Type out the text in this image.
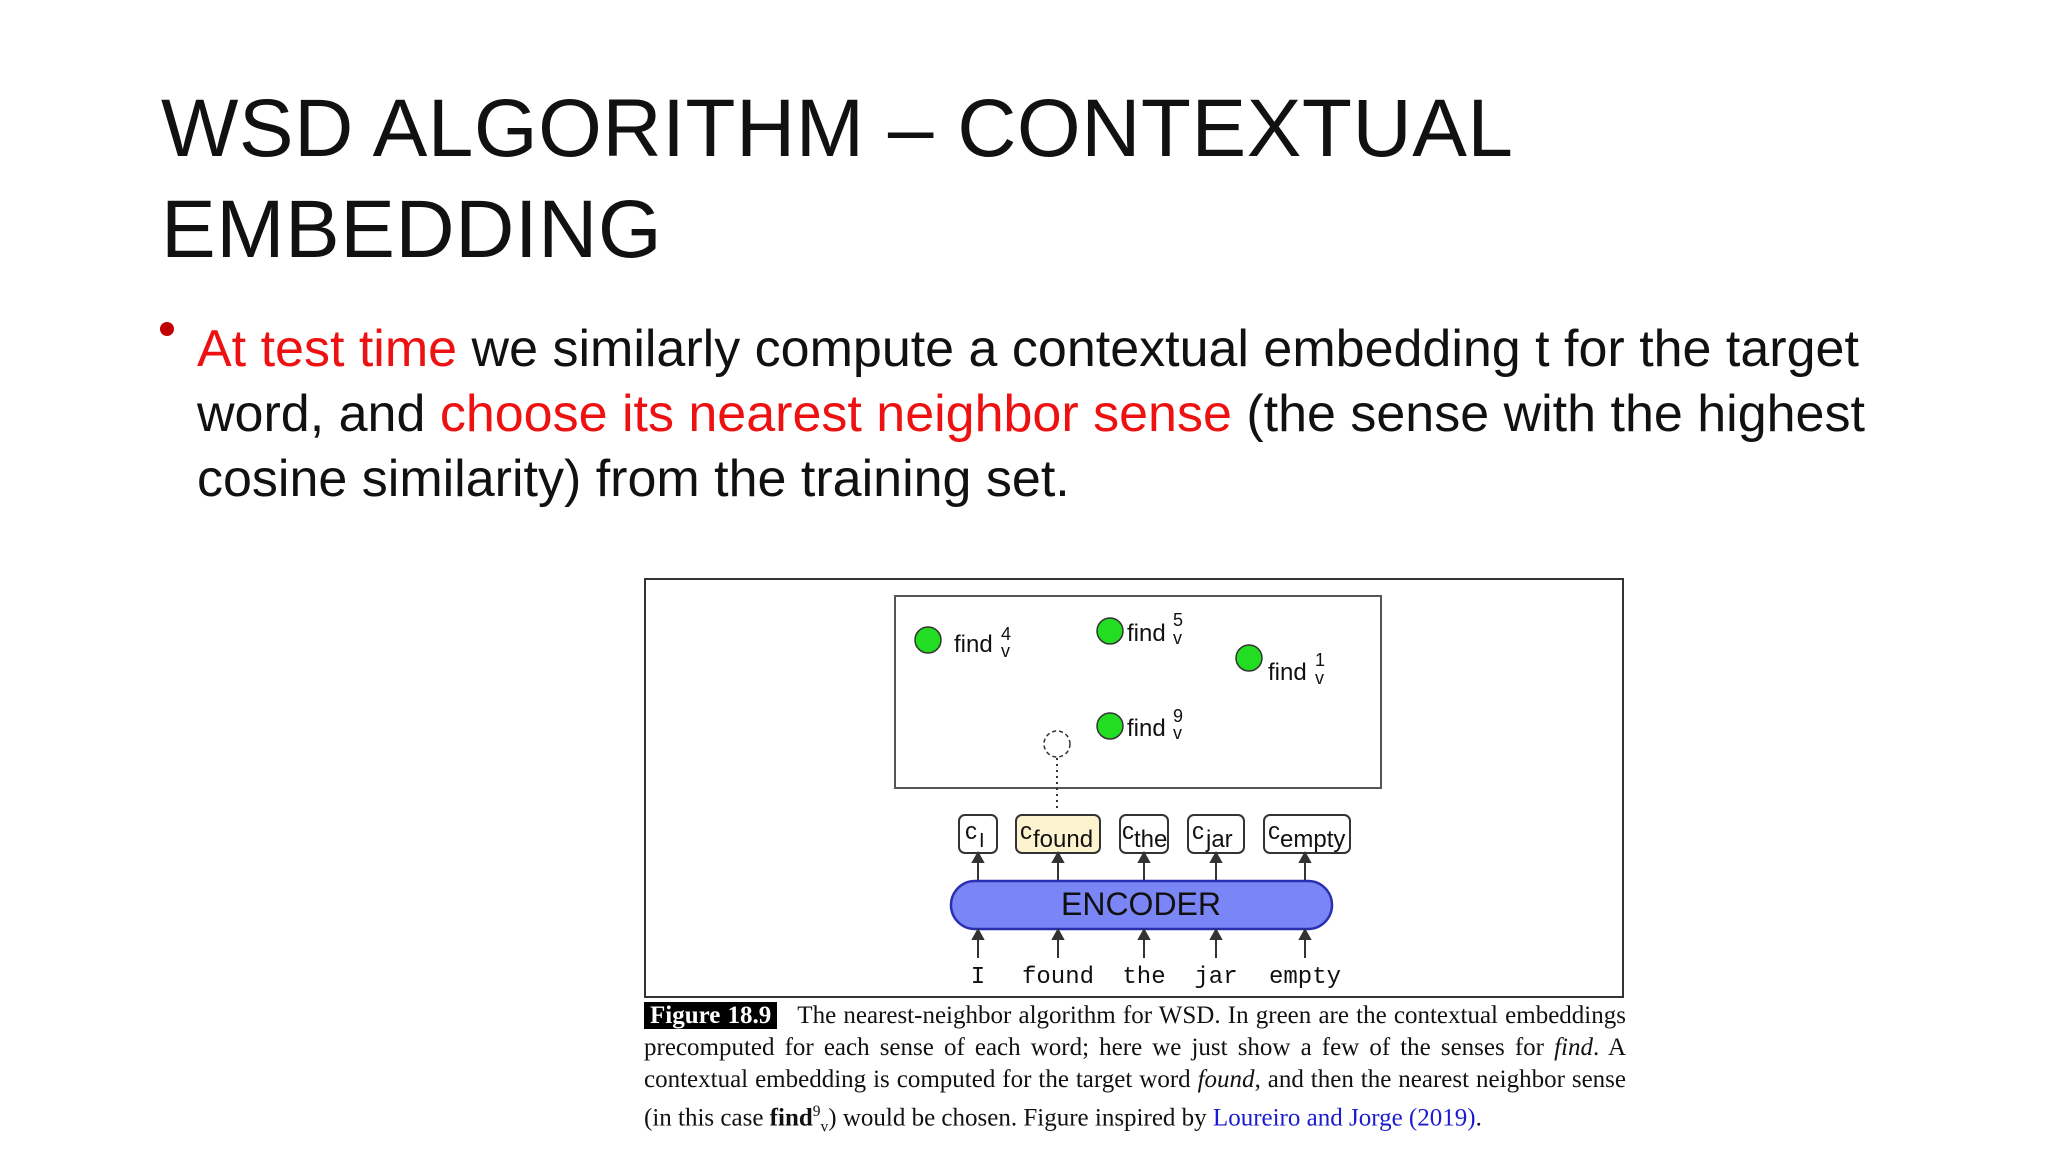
WSD ALGORITHM – CONTEXTUAL
EMBEDDING
At test time we similarly compute a contextual embedding t for the target word, and choose its nearest neighbor sense (the sense with the highest cosine similarity) from the training set.
find 4
v
find 5
v
find 1
v
find 9
v
c I c found c the c jar c empty
ENCODER
I found the jar empty
Figure 18.9 The nearest-neighbor algorithm for WSD. In green are the contextual embeddings precomputed for each sense of each word; here we just show a few of the senses for find. A contextual embedding is computed for the target word found, and then the nearest neighbor sense (in this case find$^9_v$) would be chosen. Figure inspired by Loureiro and Jorge (2019).
